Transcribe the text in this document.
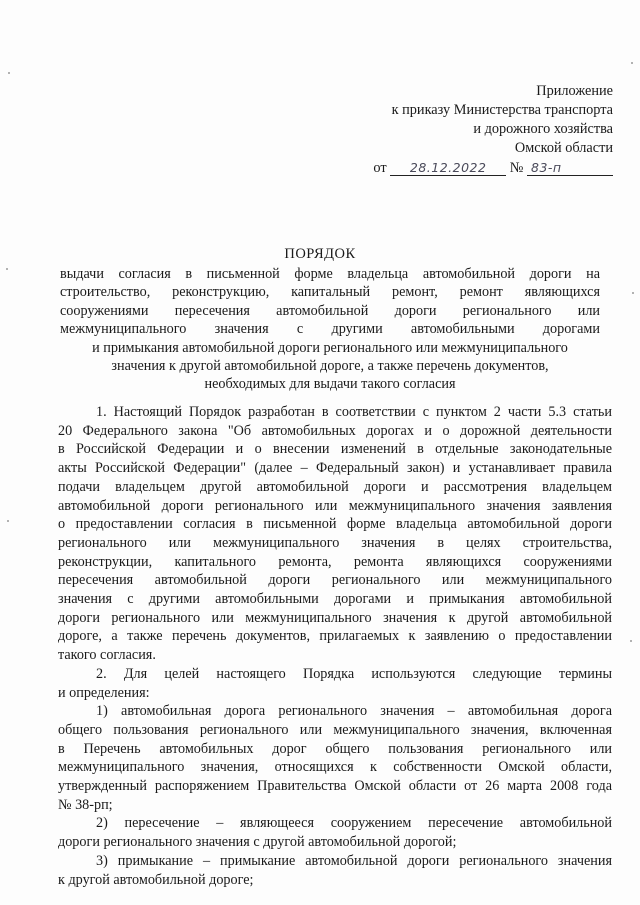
Приложение
к приказу Министерства транспорта
и дорожного хозяйства
Омской области
от 28.12.2022 № 83-п
ПОРЯДОК
выдачи согласия в письменной форме владельца автомобильной дороги на
строительство, реконструкцию, капитальный ремонт, ремонт являющихся
сооружениями пересечения автомобильной дороги регионального или
межмуниципального значения с другими автомобильными дорогами
и примыкания автомобильной дороги регионального или межмуниципального
значения к другой автомобильной дороге, а также перечень документов,
необходимых для выдачи такого согласия
1. Настоящий Порядок разработан в соответствии с пунктом 2 части 5.3 статьи
20 Федерального закона "Об автомобильных дорогах и о дорожной деятельности
в Российской Федерации и о внесении изменений в отдельные законодательные
акты Российской Федерации" (далее – Федеральный закон) и устанавливает правила
подачи владельцем другой автомобильной дороги и рассмотрения владельцем
автомобильной дороги регионального или межмуниципального значения заявления
о предоставлении согласия в письменной форме владельца автомобильной дороги
регионального или межмуниципального значения в целях строительства,
реконструкции, капитального ремонта, ремонта являющихся сооружениями
пересечения автомобильной дороги регионального или межмуниципального
значения с другими автомобильными дорогами и примыкания автомобильной
дороги регионального или межмуниципального значения к другой автомобильной
дороге, а также перечень документов, прилагаемых к заявлению о предоставлении
такого согласия.
2. Для целей настоящего Порядка используются следующие термины
и определения:
1) автомобильная дорога регионального значения – автомобильная дорога
общего пользования регионального или межмуниципального значения, включенная
в Перечень автомобильных дорог общего пользования регионального или
межмуниципального значения, относящихся к собственности Омской области,
утвержденный распоряжением Правительства Омской области от 26 марта 2008 года
№ 38-рп;
2) пересечение – являющееся сооружением пересечение автомобильной
дороги регионального значения с другой автомобильной дорогой;
3) примыкание – примыкание автомобильной дороги регионального значения
к другой автомобильной дороге;
